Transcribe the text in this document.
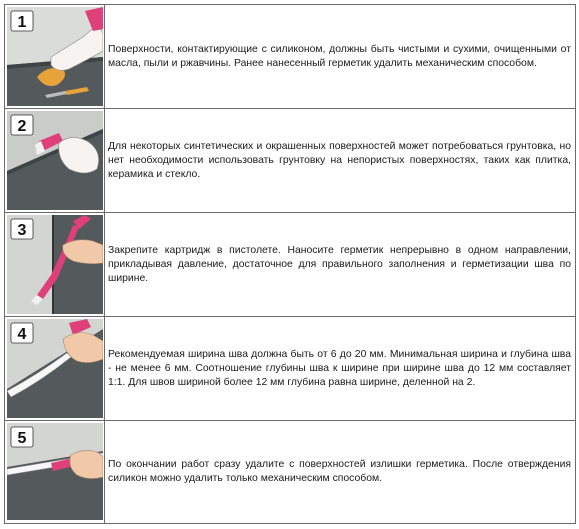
1
Поверхности, контактирующие с силиконом, должны быть чистыми и сухими, очищенными от масла, пыли и ржавчины. Ранее нанесенный герметик удалить механическим способом.
2
Для некоторых синтетических и окрашенных поверхностей может потребоваться грунтовка, но нет необходимости использовать грунтовку на непористых поверхностях, таких как плитка, керамика и стекло.
3
Закрепите картридж в пистолете. Наносите герметик непрерывно в одном направлении, прикладывая давление, достаточное для правильного заполнения и герметизации шва по ширине.
4
Рекомендуемая ширина шва должна быть от 6 до 20 мм. Минимальная ширина и глубина шва - не менее 6 мм. Соотношение глубины шва к ширине при ширине шва до 12 мм составляет 1:1. Для швов шириной более 12 мм глубина равна ширине, деленной на 2.
5
По окончании работ сразу удалите с поверхностей излишки герметика. После отверждения силикон можно удалить только механическим способом.
